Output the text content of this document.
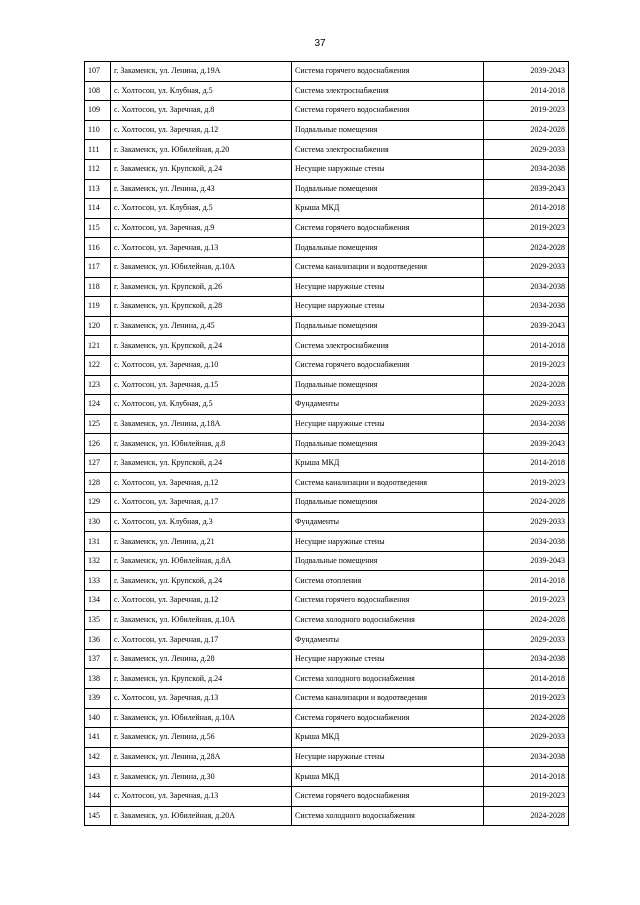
37
107	г. Закаменск, ул. Ленина, д.19А	Система горячего водоснабжения	2039-2043
108	с. Холтосон, ул. Клубная, д.5	Система электроснабжения	2014-2018
109	с. Холтосон, ул. Заречная, д.8	Система горячего водоснабжения	2019-2023
110	с. Холтосон, ул. Заречная, д.12	Подвальные помещения	2024-2028
111	г. Закаменск, ул. Юбилейная, д.20	Система электроснабжения	2029-2033
112	г. Закаменск, ул. Крупской, д.24	Несущие наружные стены	2034-2038
113	г. Закаменск, ул. Ленина, д.43	Подвальные помещения	2039-2043
114	с. Холтосон, ул. Клубная, д.5	Крыша МКД	2014-2018
115	с. Холтосон, ул. Заречная, д.9	Система горячего водоснабжения	2019-2023
116	с. Холтосон, ул. Заречная, д.13	Подвальные помещения	2024-2028
117	г. Закаменск, ул. Юбилейная, д.10А	Система канализации и водоотведения	2029-2033
118	г. Закаменск, ул. Крупской, д.26	Несущие наружные стены	2034-2038
119	г. Закаменск, ул. Крупской, д.28	Несущие наружные стены	2034-2038
120	г. Закаменск, ул. Ленина, д.45	Подвальные помещения	2039-2043
121	г. Закаменск, ул. Крупской, д.24	Система электроснабжения	2014-2018
122	с. Холтосон, ул. Заречная, д.10	Система горячего водоснабжения	2019-2023
123	с. Холтосон, ул. Заречная, д.15	Подвальные помещения	2024-2028
124	с. Холтосон, ул. Клубная, д.5	Фундаменты	2029-2033
125	г. Закаменск, ул. Ленина, д.18А	Несущие наружные стены	2034-2038
126	г. Закаменск, ул. Юбилейная, д.8	Подвальные помещения	2039-2043
127	г. Закаменск, ул. Крупской, д.24	Крыша МКД	2014-2018
128	с. Холтосон, ул. Заречная, д.12	Система канализации и водоотведения	2019-2023
129	с. Холтосон, ул. Заречная, д.17	Подвальные помещения	2024-2028
130	с. Холтосон, ул. Клубная, д.3	Фундаменты	2029-2033
131	г. Закаменск, ул. Ленина, д.21	Несущие наружные стены	2034-2038
132	г. Закаменск, ул. Юбилейная, д.8А	Подвальные помещения	2039-2043
133	г. Закаменск, ул. Крупской, д.24	Система отопления	2014-2018
134	с. Холтосон, ул. Заречная, д.12	Система горячего водоснабжения	2019-2023
135	г. Закаменск, ул. Юбилейная, д.10А	Система холодного водоснабжения	2024-2028
136	с. Холтосон, ул. Заречная, д.17	Фундаменты	2029-2033
137	г. Закаменск, ул. Ленина, д.28	Несущие наружные стены	2034-2038
138	г. Закаменск, ул. Крупской, д.24	Система холодного водоснабжения	2014-2018
139	с. Холтосон, ул. Заречная, д.13	Система канализации и водоотведения	2019-2023
140	г. Закаменск, ул. Юбилейная, д.10А	Система горячего водоснабжения	2024-2028
141	г. Закаменск, ул. Ленина, д.56	Крыша МКД	2029-2033
142	г. Закаменск, ул. Ленина, д.28А	Несущие наружные стены	2034-2038
143	г. Закаменск, ул. Ленина, д.30	Крыша МКД	2014-2018
144	с. Холтосон, ул. Заречная, д.13	Система горячего водоснабжения	2019-2023
145	г. Закаменск, ул. Юбилейная, д.20А	Система холодного водоснабжения	2024-2028
